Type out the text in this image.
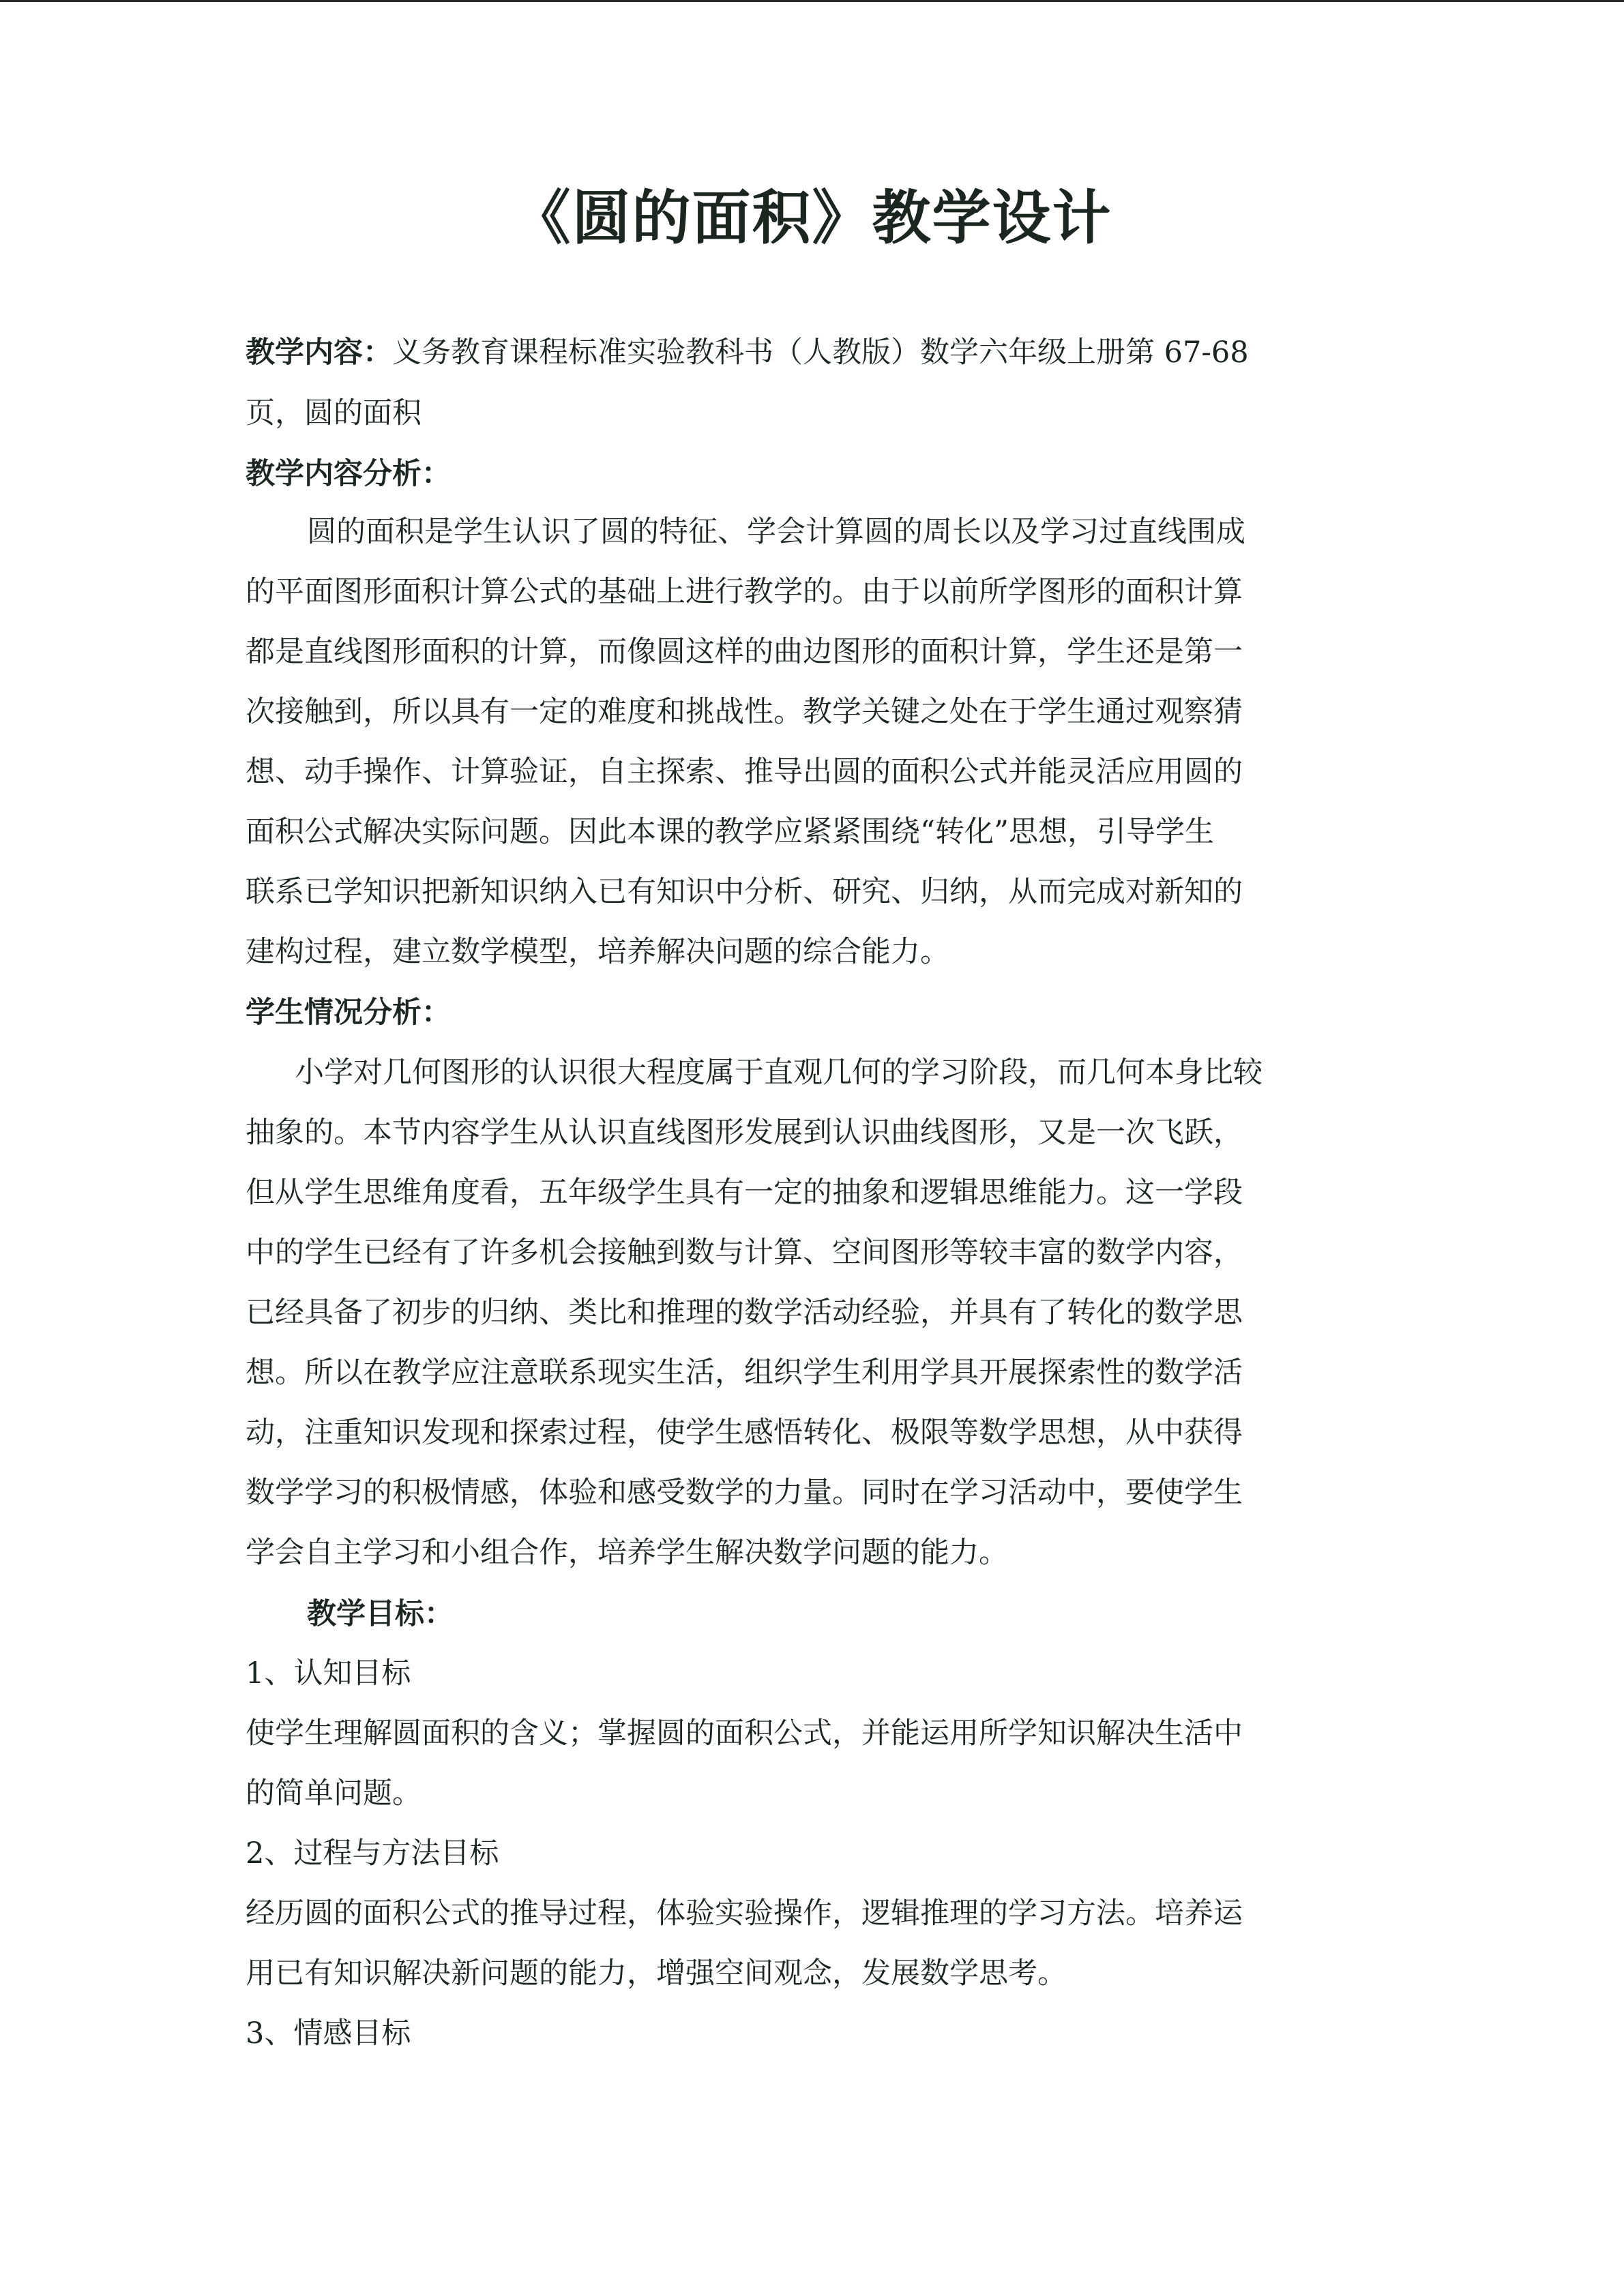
《圆的面积》教学设计
教学内容：义务教育课程标准实验教科书（人教版）数学六年级上册第 67-68
页，圆的面积
教学内容分析：
圆的面积是学生认识了圆的特征、学会计算圆的周长以及学习过直线围成
的平面图形面积计算公式的基础上进行教学的。由于以前所学图形的面积计算
都是直线图形面积的计算，而像圆这样的曲边图形的面积计算，学生还是第一
次接触到，所以具有一定的难度和挑战性。教学关键之处在于学生通过观察猜
想、动手操作、计算验证，自主探索、推导出圆的面积公式并能灵活应用圆的
面积公式解决实际问题。因此本课的教学应紧紧围绕“转化”思想，引导学生
联系已学知识把新知识纳入已有知识中分析、研究、归纳，从而完成对新知的
建构过程，建立数学模型，培养解决问题的综合能力。
学生情况分析：
小学对几何图形的认识很大程度属于直观几何的学习阶段，而几何本身比较
抽象的。本节内容学生从认识直线图形发展到认识曲线图形，又是一次飞跃，
但从学生思维角度看，五年级学生具有一定的抽象和逻辑思维能力。这一学段
中的学生已经有了许多机会接触到数与计算、空间图形等较丰富的数学内容，
已经具备了初步的归纳、类比和推理的数学活动经验，并具有了转化的数学思
想。所以在教学应注意联系现实生活，组织学生利用学具开展探索性的数学活
动，注重知识发现和探索过程，使学生感悟转化、极限等数学思想，从中获得
数学学习的积极情感，体验和感受数学的力量。同时在学习活动中，要使学生
学会自主学习和小组合作，培养学生解决数学问题的能力。
教学目标：
1、认知目标
使学生理解圆面积的含义；掌握圆的面积公式，并能运用所学知识解决生活中
的简单问题。
2、过程与方法目标
经历圆的面积公式的推导过程，体验实验操作，逻辑推理的学习方法。培养运
用已有知识解决新问题的能力，增强空间观念，发展数学思考。
3、情感目标
